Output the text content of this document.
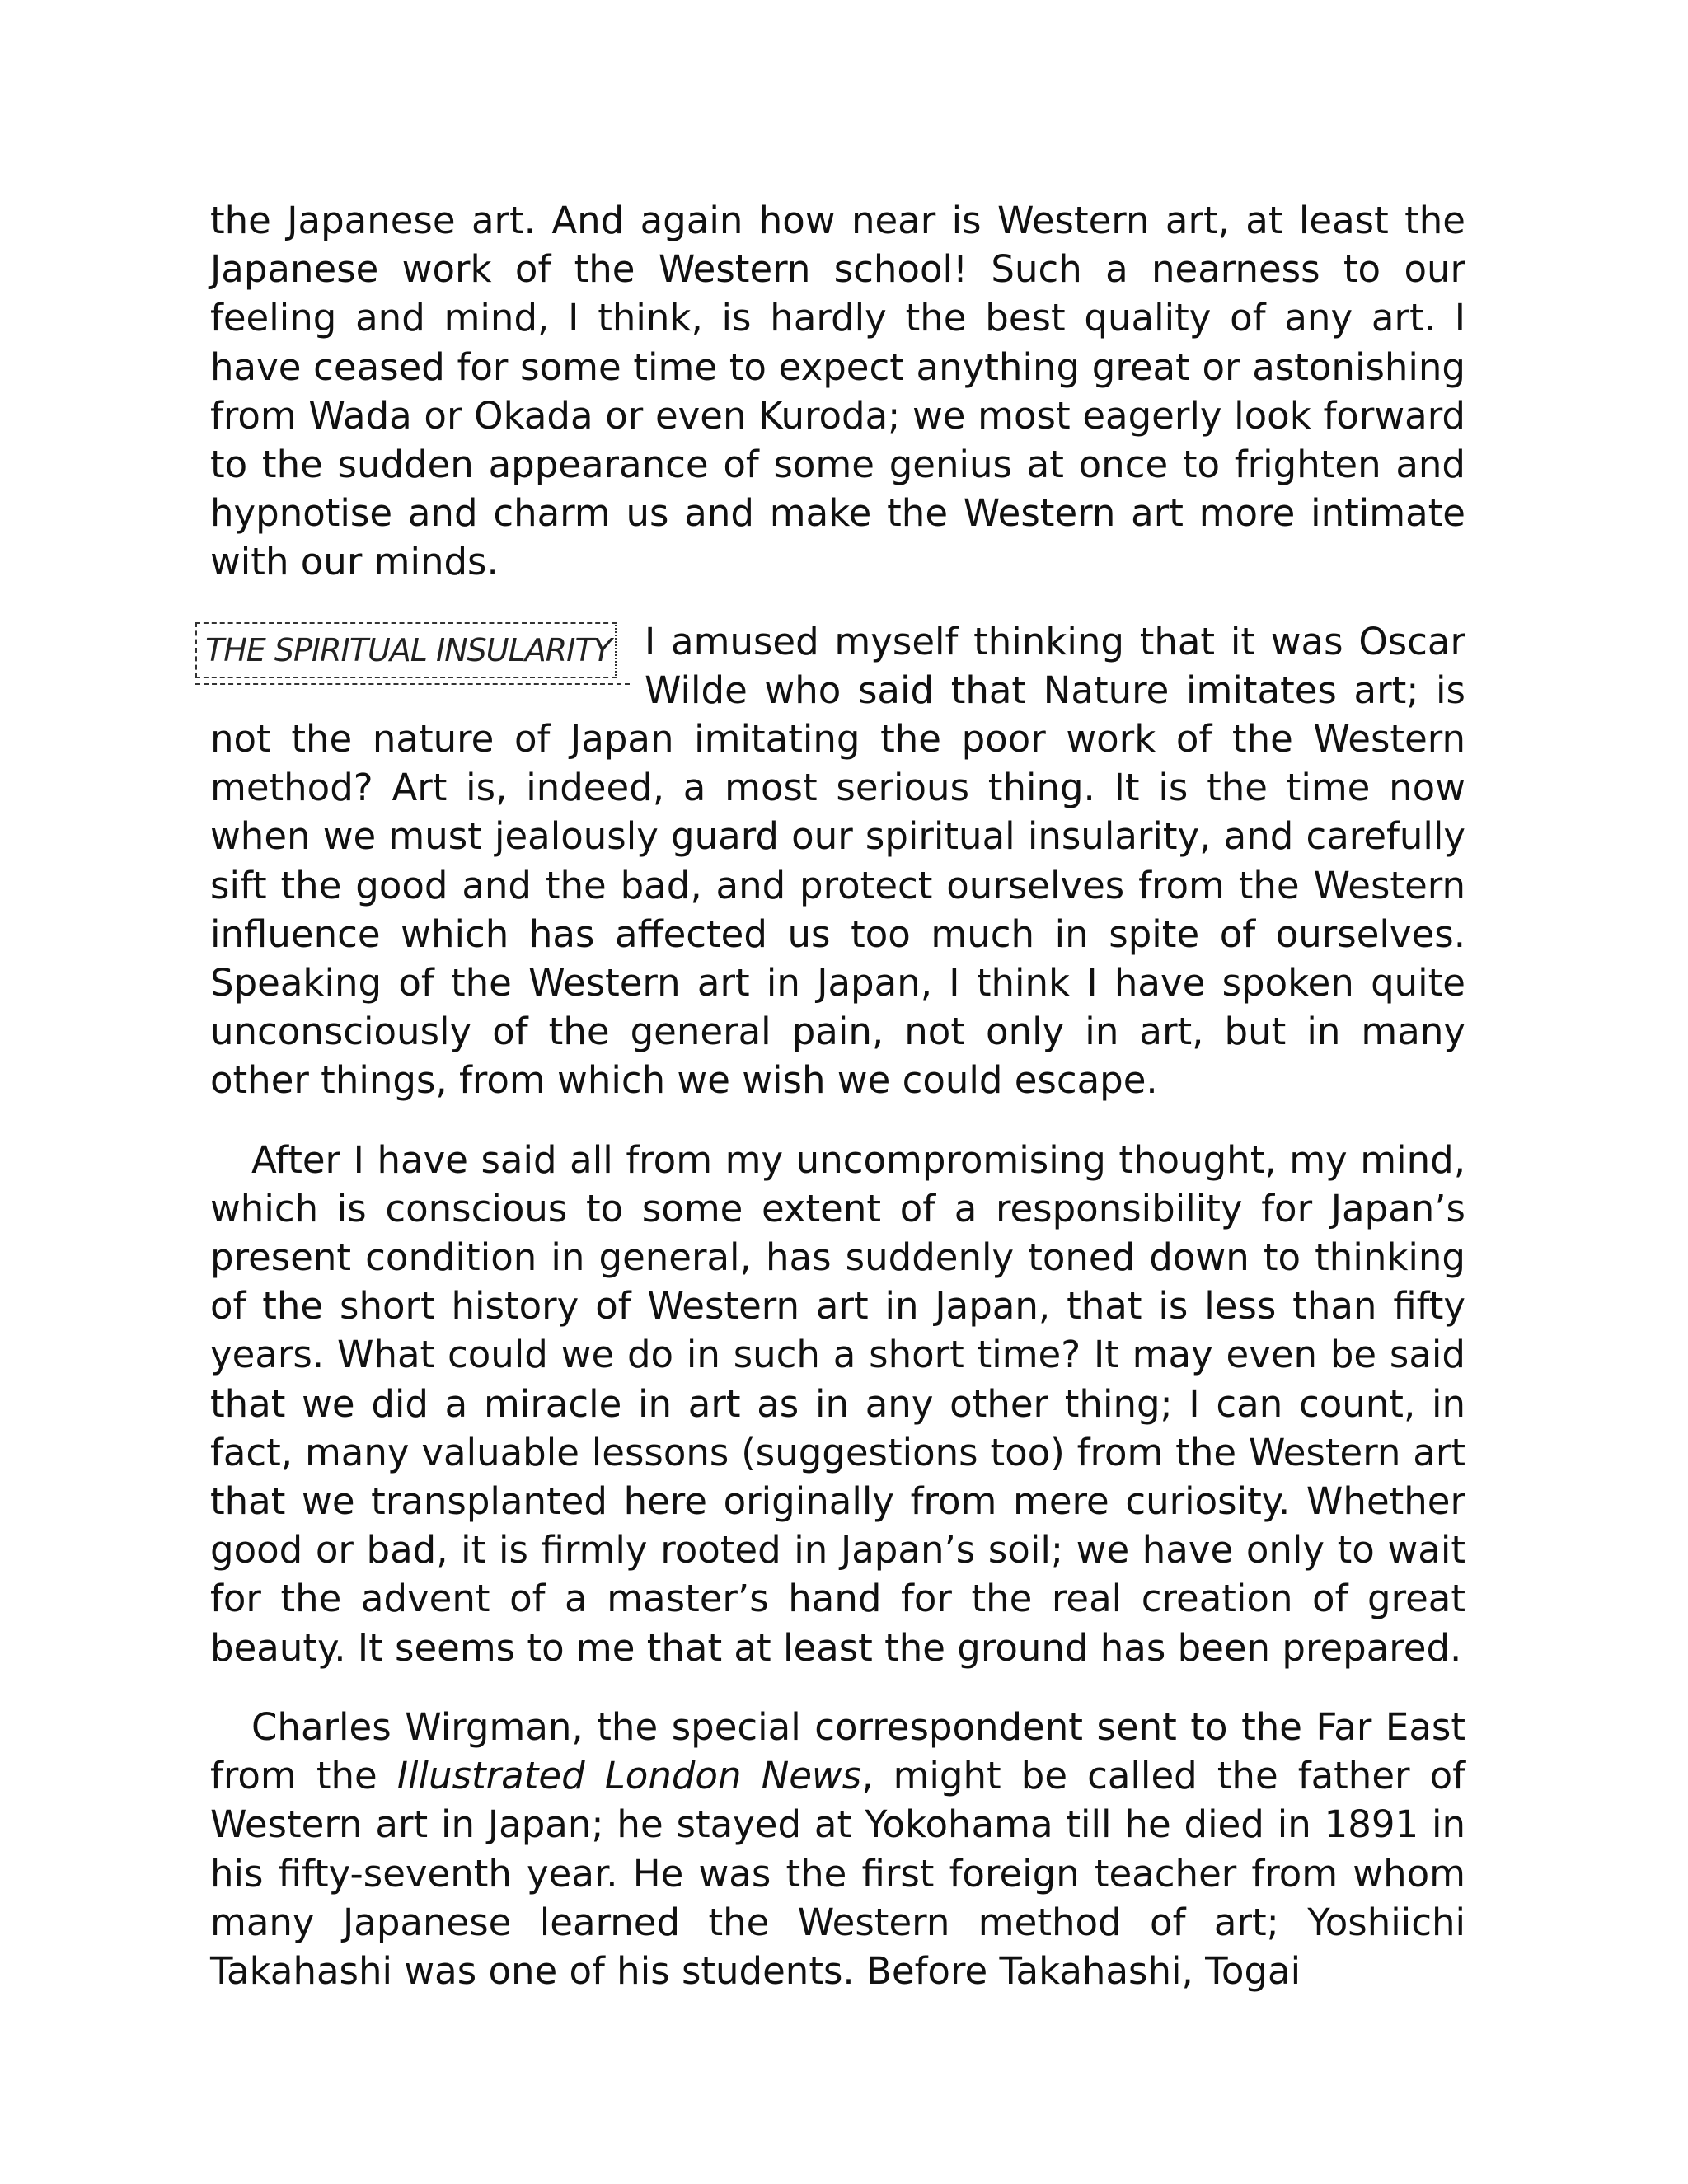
the Japanese art. And again how near is Western art, at least the Japanese work of the Western school! Such a nearness to our feeling and mind, I think, is hardly the best quality of any art. I have ceased for some time to expect anything great or astonishing from Wada or Okada or even Kuroda; we most eagerly look forward to the sudden appearance of some genius at once to frighten and hypnotise and charm us and make the Western art more intimate with our minds.

THE SPIRITUAL INSULARITY I amused myself thinking that it was Oscar Wilde who said that Nature imitates art; is not the nature of Japan imitating the poor work of the Western method? Art is, indeed, a most serious thing. It is the time now when we must jealously guard our spiritual insularity, and carefully sift the good and the bad, and protect ourselves from the Western influence which has affected us too much in spite of ourselves. Speaking of the Western art in Japan, I think I have spoken quite unconsciously of the general pain, not only in art, but in many other things, from which we wish we could escape.

After I have said all from my uncompromising thought, my mind, which is conscious to some extent of a responsibility for Japan’s present condition in general, has suddenly toned down to thinking of the short history of Western art in Japan, that is less than fifty years. What could we do in such a short time? It may even be said that we did a miracle in art as in any other thing; I can count, in fact, many valuable lessons (suggestions too) from the Western art that we transplanted here originally from mere curiosity. Whether good or bad, it is firmly rooted in Japan’s soil; we have only to wait for the advent of a master’s hand for the real creation of great beauty. It seems to me that at least the ground has been prepared.

Charles Wirgman, the special correspondent sent to the Far East from the Illustrated London News, might be called the father of Western art in Japan; he stayed at Yokohama till he died in 1891 in his fifty-seventh year. He was the first foreign teacher from whom many Japanese learned the Western method of art; Yoshiichi Takahashi was one of his students. Before Takahashi, Togai
